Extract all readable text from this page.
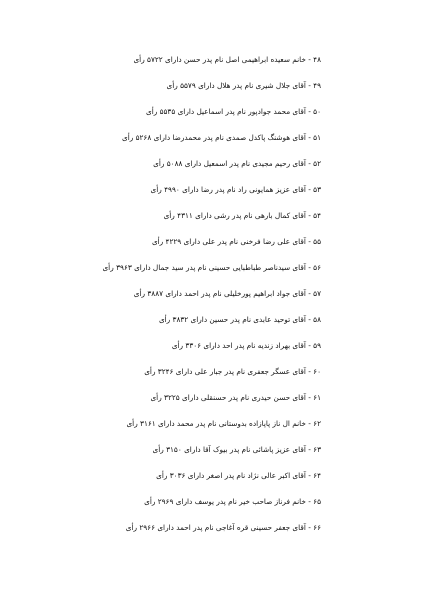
۴۸ - خانم سعیده ابراهیمی اصل نام پدر حسن دارای ۵۷۲۲ رأی
۴۹ - آقای جلال شیری نام پدر هلال دارای ۵۵۷۹ رأی
۵۰ - آقای محمد جوادپور نام پدر اسماعیل دارای ۵۵۳۵ رأی
۵۱ - آقای هوشنگ پاکدل صمدی نام پدر محمدرضا دارای ۵۲۶۸ رأی
۵۲ - آقای رحیم مجیدی نام پدر اسمعیل دارای ۵۰۸۸ رأی
۵۳ - آقای عزیز همایونی راد نام پدر رضا دارای ۴۹۹۰ رأی
۵۴ - آقای کمال بارهی نام پدر رشی دارای ۴۳۱۱ رأی
۵۵ - آقای علی رضا فرخنی نام پدر علی دارای ۴۲۲۹ رأی
۵۶ - آقای سیدناصر طباطبایی حسینی نام پدر سید جمال دارای ۳۹۶۳ رأی
۵۷ - آقای جواد ابراهیم پورخلیلی نام پدر احمد دارای ۳۸۸۷ رأی
۵۸ - آقای توحید عابدی نام پدر حسین دارای ۳۸۳۲ رأی
۵۹ - آقای بهراد زندیه نام پدر احد دارای ۳۳۰۶ رأی
۶۰ - آقای عسگر جعفری نام پدر جبار علی دارای ۳۲۴۶ رأی
۶۱ - آقای حسن حیدری نام پدر حسنقلی دارای ۳۲۲۵ رأی
۶۲ - خانم ال ناز پاپازاده بدوستانی نام پدر محمد دارای ۳۱۶۱ رأی
۶۳ - آقای عزیز پاشائی نام پدر بیوک آقا دارای ۳۱۵۰ رأی
۶۴ - آقای اکبر عالی نژاد نام پدر اصغر دارای ۳۰۳۶ رأی
۶۵ - خانم فرناز صاحب خیر نام پدر یوسف دارای ۲۹۶۹ رأی
۶۶ - آقای جعفر حسینی قره آغاجی نام پدر احمد دارای ۲۹۶۶ رأی
